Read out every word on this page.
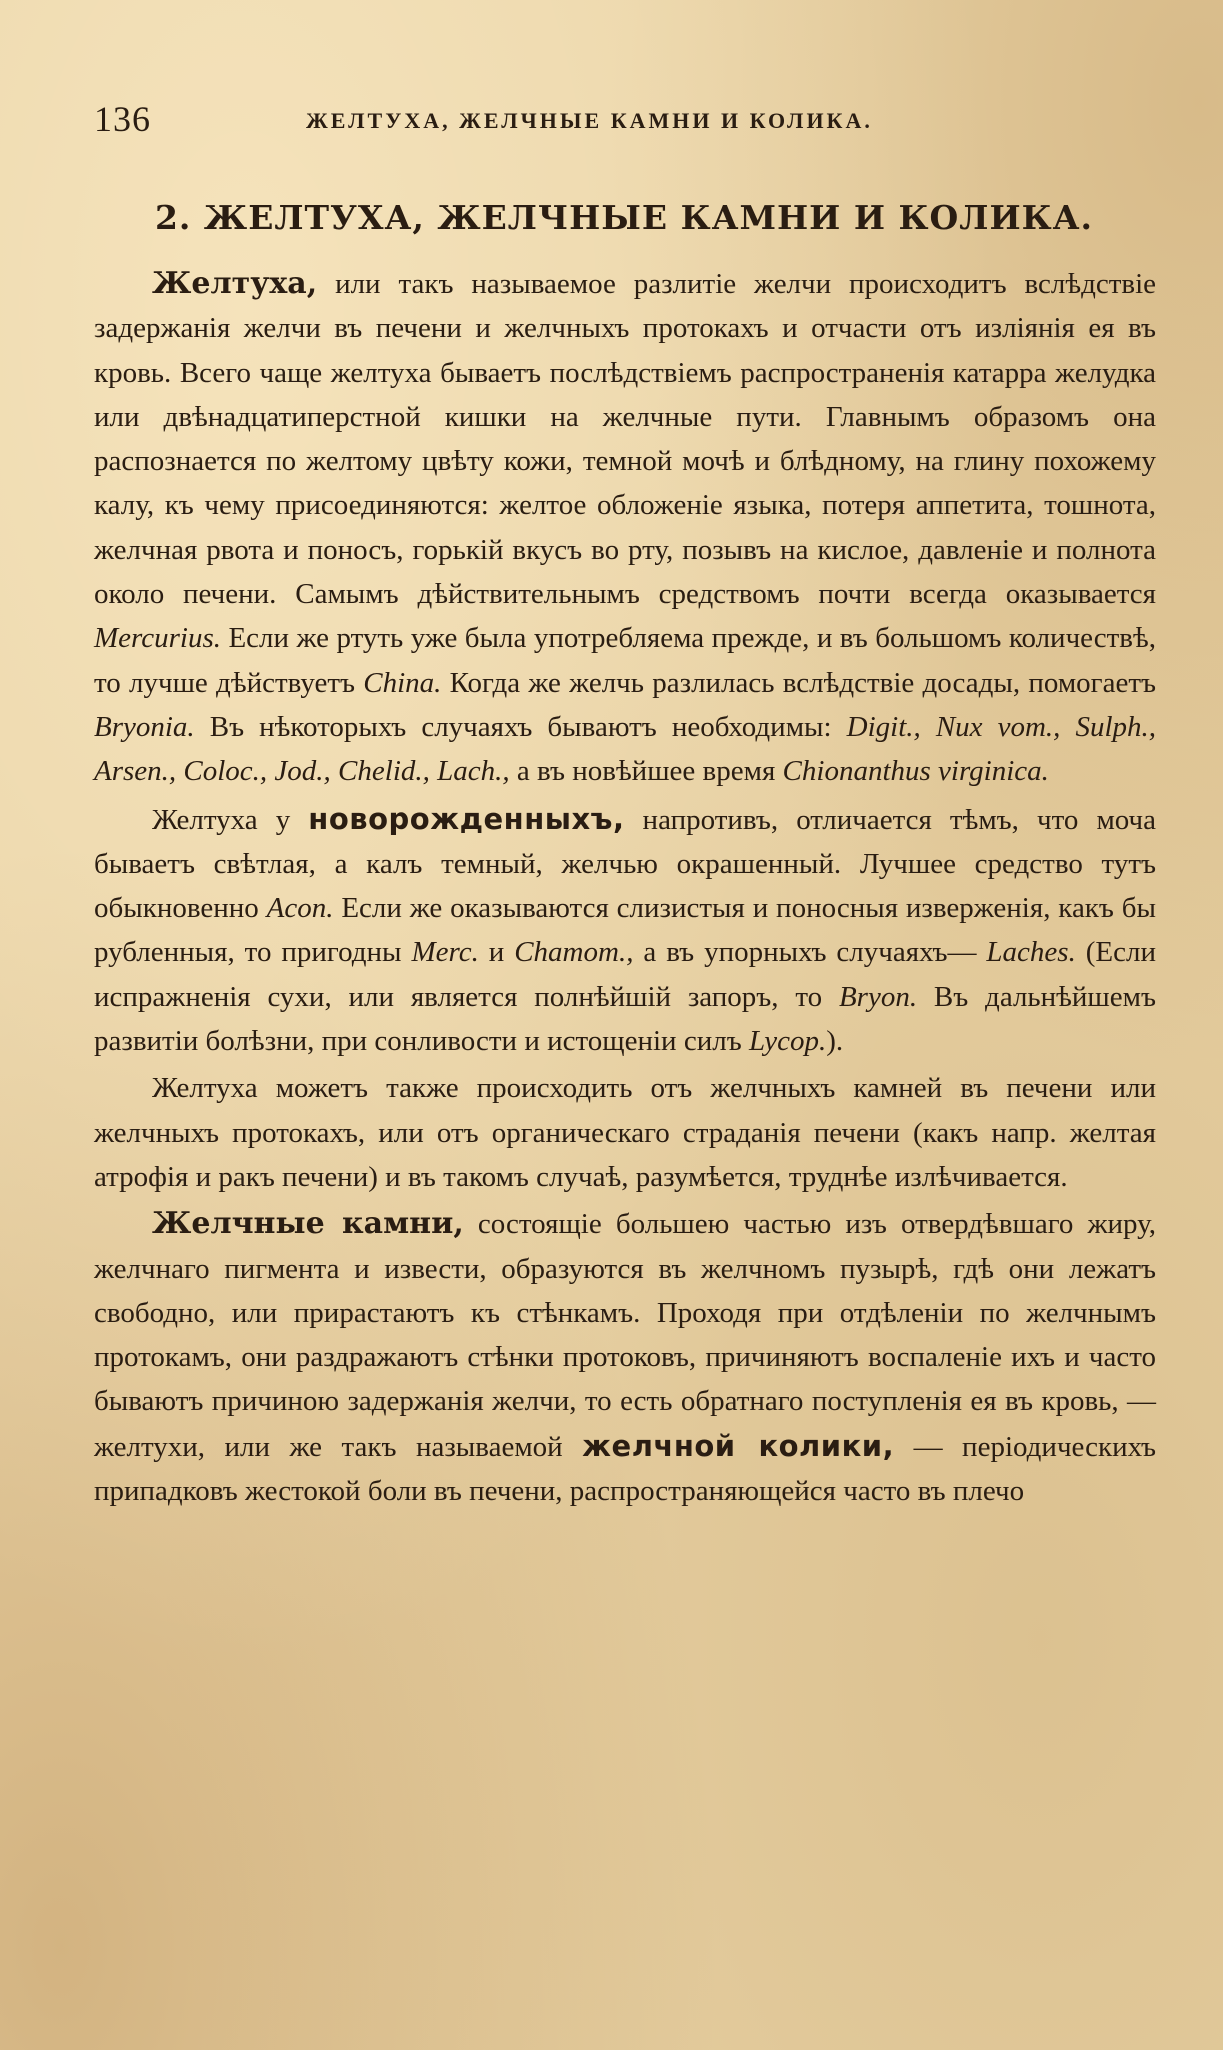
136	ЖЕЛТУХА, ЖЕЛЧНЫЕ КАМНИ И КОЛИКА.
2. ЖЕЛТУХА, ЖЕЛЧНЫЕ КАМНИ И КОЛИКА.

Желтуха, или такъ называемое разлитіе желчи происходитъ вслѣдствіе задержанія желчи въ печени и желчныхъ протокахъ и отчасти отъ изліянія ея въ кровь. Всего чаще желтуха бываетъ послѣдствіемъ распространенія катарра желудка или двѣнадцатиперстной кишки на желчные пути. Главнымъ образомъ она распознается по желтому цвѣту кожи, темной мочѣ и блѣдному, на глину похожему калу, къ чему присоединяются: желтое обложеніе языка, потеря аппетита, тошнота, желчная рвота и поносъ, горькій вкусъ во рту, позывъ на кислое, давленіе и полнота около печени. Самымъ дѣйствительнымъ средствомъ почти всегда оказывается Mercurius. Если же ртуть уже была употребляема прежде, и въ большомъ количествѣ, то лучше дѣйствуетъ China. Когда же желчь разлилась вслѣдствіе досады, помогаетъ Bryonia. Въ нѣкоторыхъ случаяхъ бываютъ необходимы: Digit., Nux vom., Sulph., Arsen., Coloc., Jod., Chelid., Lach., а въ новѣйшее время Chionanthus virginica.

Желтуха у новорожденныхъ, напротивъ, отличается тѣмъ, что моча бываетъ свѣтлая, а калъ темный, желчью окрашенный. Лучшее средство тутъ обыкновенно Acon. Если же оказываются слизистыя и поносныя изверженія, какъ бы рубленныя, то пригодны Merc. и Chamom., а въ упорныхъ случаяхъ— Laches. (Если испражненія сухи, или является полнѣйшій запоръ, то Bryon. Въ дальнѣйшемъ развитіи болѣзни, при сонливости и истощеніи силъ Lycop.).

Желтуха можетъ также происходить отъ желчныхъ камней въ печени или желчныхъ протокахъ, или отъ органическаго страданія печени (какъ напр. желтая атрофія и ракъ печени) и въ такомъ случаѣ, разумѣется, труднѣе излѣчивается.

Желчные камни, состоящіе большею частью изъ отвердѣвшаго жиру, желчнаго пигмента и извести, образуются въ желчномъ пузырѣ, гдѣ они лежатъ свободно, или прирастаютъ къ стѣнкамъ. Проходя при отдѣленіи по желчнымъ протокамъ, они раздражаютъ стѣнки протоковъ, причиняютъ воспаленіе ихъ и часто бываютъ причиною задержанія желчи, то есть обратнаго поступленія ея въ кровь, — желтухи, или же такъ называемой желчной колики, — періодическихъ припадковъ жестокой боли въ печени, распространяющейся часто въ плечо
